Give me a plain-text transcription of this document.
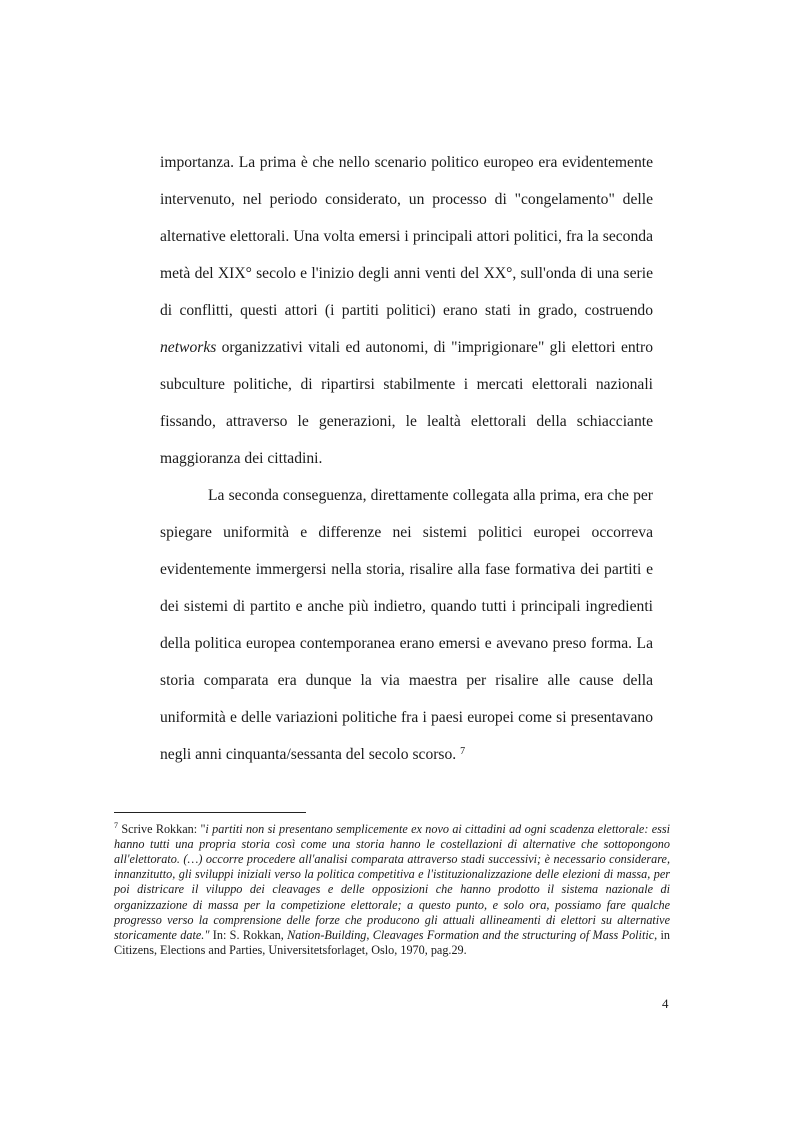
importanza. La prima è che nello scenario politico europeo era evidentemente intervenuto, nel periodo considerato, un processo di "congelamento" delle alternative elettorali. Una volta emersi i principali attori politici, fra la seconda metà del XIX° secolo e l'inizio degli anni venti del XX°, sull'onda di una serie di conflitti, questi attori (i partiti politici) erano stati in grado, costruendo networks organizzativi vitali ed autonomi, di "imprigionare" gli elettori entro subculture politiche, di ripartirsi stabilmente i mercati elettorali nazionali fissando, attraverso le generazioni, le lealtà elettorali della schiacciante maggioranza dei cittadini.

La seconda conseguenza, direttamente collegata alla prima, era che per spiegare uniformità e differenze nei sistemi politici europei occorreva evidentemente immergersi nella storia, risalire alla fase formativa dei partiti e dei sistemi di partito e anche più indietro, quando tutti i principali ingredienti della politica europea contemporanea erano emersi e avevano preso forma. La storia comparata era dunque la via maestra per risalire alle cause della uniformità e delle variazioni politiche fra i paesi europei come si presentavano negli anni cinquanta/sessanta del secolo scorso. $^7$

$^7$ Scrive Rokkan: "i partiti non si presentano semplicemente ex novo ai cittadini ad ogni scadenza elettorale: essi hanno tutti una propria storia così come una storia hanno le costellazioni di alternative che sottopongono all'elettorato. (…) occorre procedere all'analisi comparata attraverso stadi successivi; è necessario considerare, innanzitutto, gli sviluppi iniziali verso la politica competitiva e l'istituzionalizzazione delle elezioni di massa, per poi districare il viluppo dei cleavages e delle opposizioni che hanno prodotto il sistema nazionale di organizzazione di massa per la competizione elettorale; a questo punto, e solo ora, possiamo fare qualche progresso verso la comprensione delle forze che producono gli attuali allineamenti di elettori su alternative storicamente date." In: S. Rokkan, Nation-Building, Cleavages Formation and the structuring of Mass Politic, in Citizens, Elections and Parties, Universitetsforlaget, Oslo, 1970, pag.29.

4
